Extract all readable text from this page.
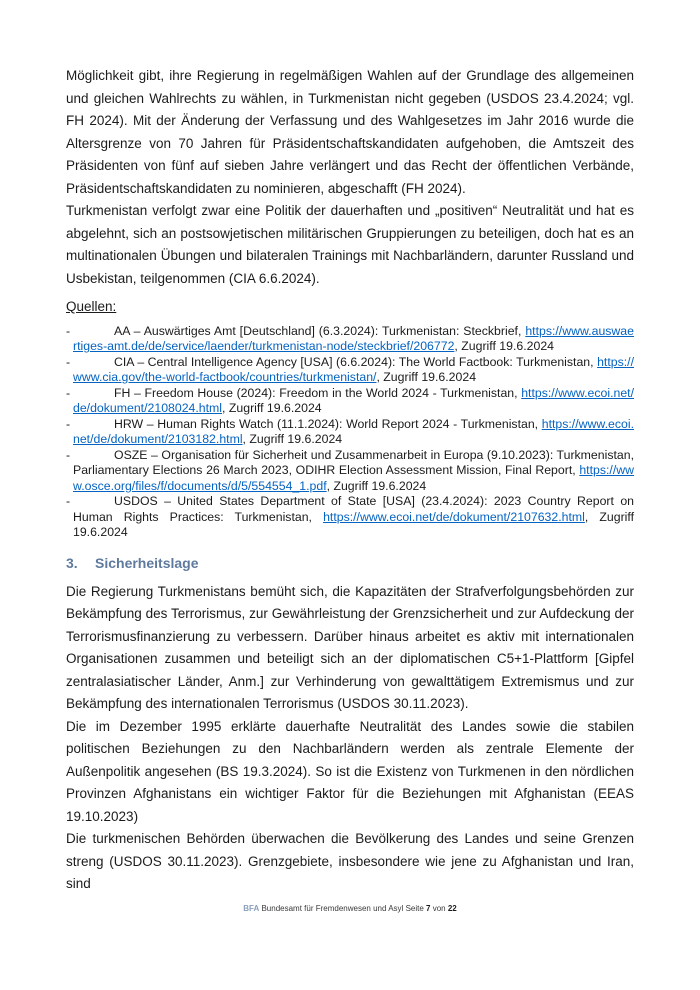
Möglichkeit gibt, ihre Regierung in regelmäßigen Wahlen auf der Grundlage des allgemeinen und gleichen Wahlrechts zu wählen, in Turkmenistan nicht gegeben (USDOS 23.4.2024; vgl. FH 2024). Mit der Änderung der Verfassung und des Wahlgesetzes im Jahr 2016 wurde die Altersgrenze von 70 Jahren für Präsidentschaftskandidaten aufgehoben, die Amtszeit des Präsidenten von fünf auf sieben Jahre verlängert und das Recht der öffentlichen Verbände, Präsidentschaftskandidaten zu nominieren, abgeschafft (FH 2024).

Turkmenistan verfolgt zwar eine Politik der dauerhaften und „positiven“ Neutralität und hat es abgelehnt, sich an postsowjetischen militärischen Gruppierungen zu beteiligen, doch hat es an multinationalen Übungen und bilateralen Trainings mit Nachbarländern, darunter Russland und Usbekistan, teilgenommen (CIA 6.6.2024).

Quellen:
-	AA – Auswärtiges Amt [Deutschland] (6.3.2024): Turkmenistan: Steckbrief, https://www.auswaertiges-amt.de/de/service/laender/turkmenistan-node/steckbrief/206772, Zugriff 19.6.2024
-	CIA – Central Intelligence Agency [USA] (6.6.2024): The World Factbook: Turkmenistan, https://www.cia.gov/the-world-factbook/countries/turkmenistan/, Zugriff 19.6.2024
-	FH – Freedom House (2024): Freedom in the World 2024 - Turkmenistan, https://www.ecoi.net/de/dokument/2108024.html, Zugriff 19.6.2024
-	HRW – Human Rights Watch (11.1.2024): World Report 2024 - Turkmenistan, https://www.ecoi.net/de/dokument/2103182.html, Zugriff 19.6.2024
-	OSZE – Organisation für Sicherheit und Zusammenarbeit in Europa (9.10.2023): Turkmenistan, Parliamentary Elections 26 March 2023, ODIHR Election Assessment Mission, Final Report, https://www.osce.org/files/f/documents/d/5/554554_1.pdf, Zugriff 19.6.2024
-	USDOS – United States Department of State [USA] (23.4.2024): 2023 Country Report on Human Rights Practices: Turkmenistan, https://www.ecoi.net/de/dokument/2107632.html, Zugriff 19.6.2024
3. Sicherheitslage

Die Regierung Turkmenistans bemüht sich, die Kapazitäten der Strafverfolgungsbehörden zur Bekämpfung des Terrorismus, zur Gewährleistung der Grenzsicherheit und zur Aufdeckung der Terrorismusfinanzierung zu verbessern. Darüber hinaus arbeitet es aktiv mit internationalen Organisationen zusammen und beteiligt sich an der diplomatischen C5+1-Plattform [Gipfel zentralasiatischer Länder, Anm.] zur Verhinderung von gewalttätigem Extremismus und zur Bekämpfung des internationalen Terrorismus (USDOS 30.11.2023).

Die im Dezember 1995 erklärte dauerhafte Neutralität des Landes sowie die stabilen politischen Beziehungen zu den Nachbarländern werden als zentrale Elemente der Außenpolitik angesehen (BS 19.3.2024). So ist die Existenz von Turkmenen in den nördlichen Provinzen Afghanistans ein wichtiger Faktor für die Beziehungen mit Afghanistan (EEAS 19.10.2023)

Die turkmenischen Behörden überwachen die Bevölkerung des Landes und seine Grenzen streng (USDOS 30.11.2023). Grenzgebiete, insbesondere wie jene zu Afghanistan und Iran, sind

BFA Bundesamt für Fremdenwesen und Asyl Seite 7 von 22
